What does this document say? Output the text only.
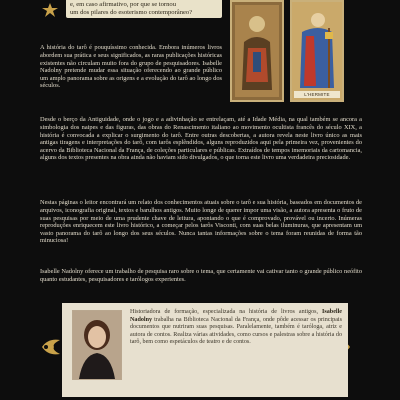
e, em caso afirmativo, por que se tornou
um dos pilares do esoterismo contemporâneo?
L'HERMITE

A história do tarô é pouquíssimo conhecida. Embora inúmeros livros abordem sua prática e seus significados, as raras publicações históricas existentes não circulam muito fora do grupo de pesquisadores. Isabelle Nadolny pretende mudar essa situação oferecendo ao grande público um amplo panorama sobre as origens e a evolução do tarô ao longo dos séculos.

Desde o berço da Antiguidade, onde o jogo e a adivinhação se entrelaçam, até a Idade Média, na qual também se ancora a simbologia dos naipes e das figuras, das obras do Renascimento italiano ao movimento ocultista francês do século XIX, a história é convocada a explicar o surgimento do tarô. Entre outras descobertas, a autora revela neste livro único as mais antigas tiragens e interpretações do tarô, com tarôs esplêndidos, alguns reproduzidos aqui pela primeira vez, provenientes do acervo da Biblioteca Nacional da França, de coleções particulares e públicas. Extraídos de tempos imemoriais da cartomancia, alguns dos textos presentes na obra ainda não haviam sido divulgados, o que torna este livro uma verdadeira preciosidade.

Nestas páginas o leitor encontrará um relato dos conhecimentos atuais sobre o tarô e sua história, baseados em documentos de arquivos, iconografia original, textos e barulhos antigos. Muito longe de querer impor uma visão, a autora apresenta o fruto de suas pesquisas por meio de uma prudente chave de leitura, apontando o que é comprovado, provável ou incerto. Inúmeras reproduções enriquecem este livro histórico, a começar pelos tarôs Visconti, com suas belas iluminuras, que apresentam um vasto panorama do tarô ao longo dos seus séculos. Nunca tantas informações sobre o tema foram reunidas de forma tão minuciosa!

Isabelle Nadolny oferece um trabalho de pesquisa raro sobre o tema, que certamente vai cativar tanto o grande público neófito quanto estudantes, pesquisadores e tarólogos experientes.

Historiadora de formação, especializada na história de livros antigos, Isabelle Nadolny trabalha na Biblioteca Nacional da França, onde pôde acessar os principais documentos que nutriram suas pesquisas. Paralelamente, também é taróloga, atriz e autora de contos. Realiza várias atividades, como cursos e palestras sobre a história do tarô, bem como espetáculos de teatro e de contos.
